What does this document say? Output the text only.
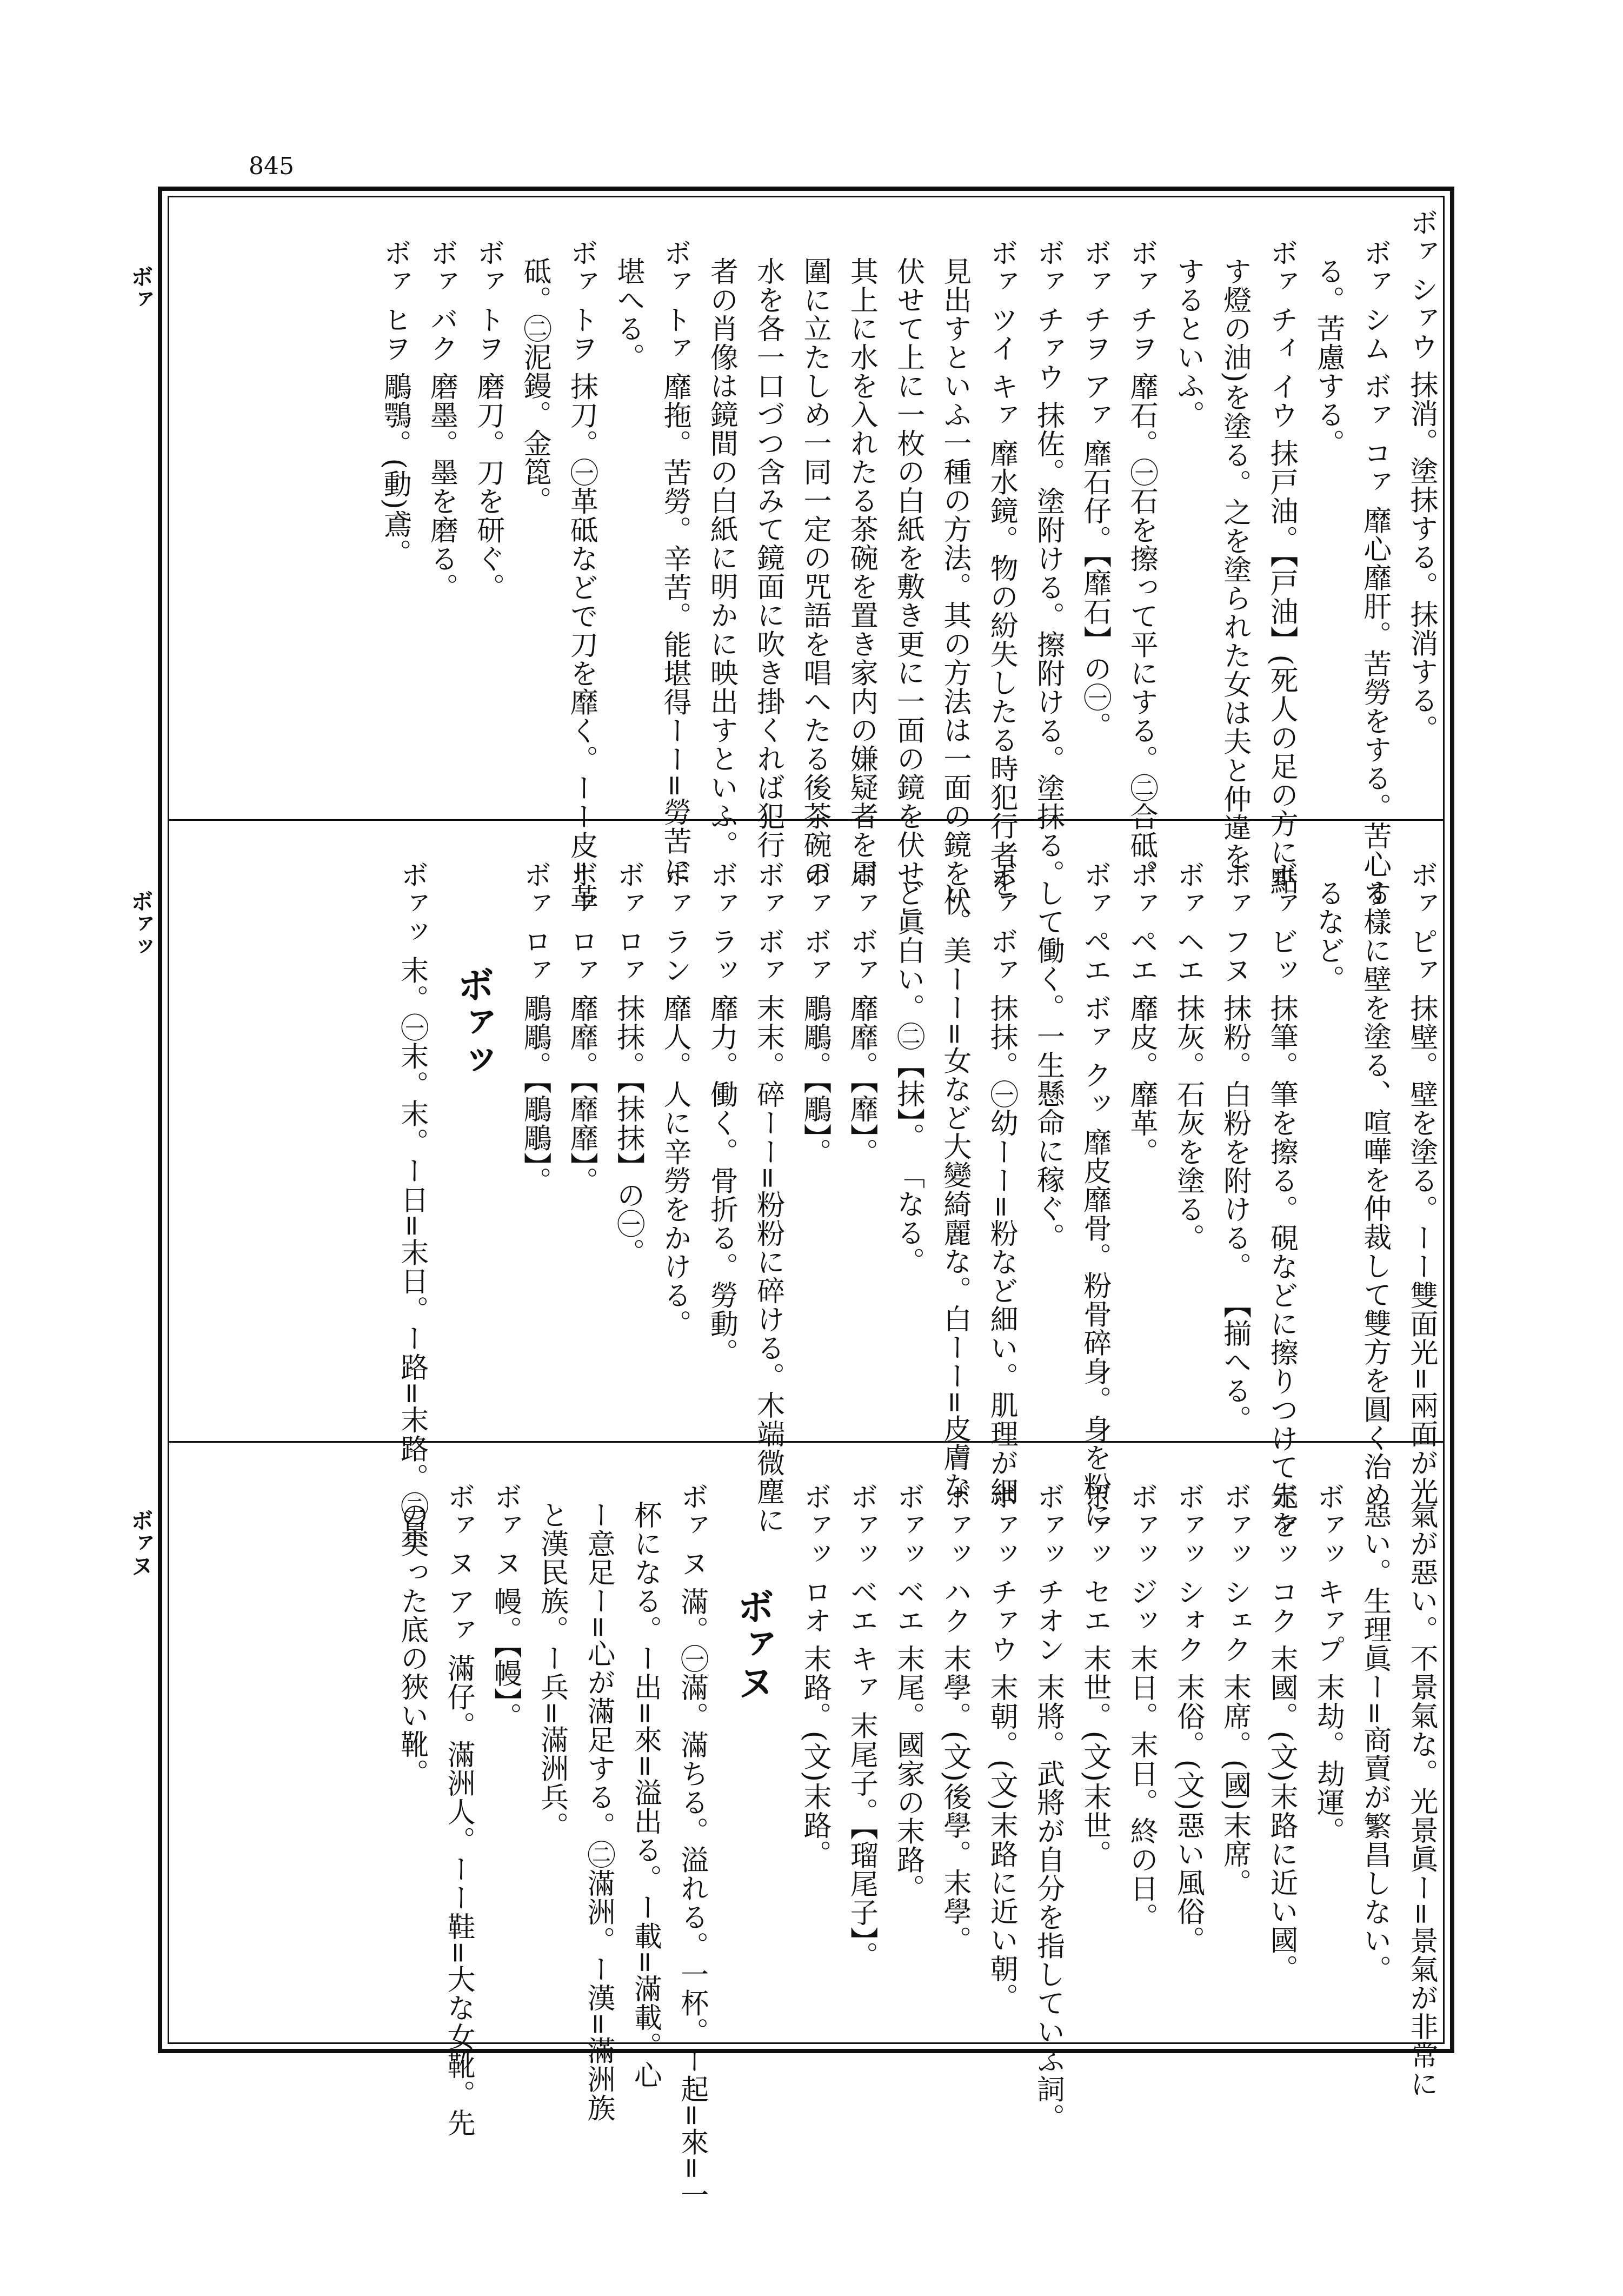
845
ボァ
ボァッ
ボァヌ
ボァ シァウ 抹消。塗抹する。抹消する。
ボァ シム ボァ コァ 靡心靡肝。苦勞をする。苦心す
る。苦慮する。
ボァ チィ イウ 抹戸油。【戸油】(死人の足の方に點
す燈の油)を塗る。之を塗られた女は夫と仲違を
するといふ。
ボァ チヲ 靡石。㊀石を擦って平にする。㊁合砥。
ボァ チヲ アァ 靡石仔。【靡石】の㊀。
ボァ チァウ 抹佐。塗附ける。擦附ける。塗抹る。
ボァ ツイ キァ 靡水鏡。物の紛失したる時犯行者を
見出すといふ一種の方法。其の方法は一面の鏡を伏
伏せて上に一枚の白紙を敷き更に一面の鏡を伏せ
其上に水を入れたる茶碗を置き家内の嫌疑者を周
圍に立たしめ一同一定の咒語を唱へたる後茶碗の
水を各一口づつ含みて鏡面に吹き掛くれば犯行
者の肖像は鏡間の白紙に明かに映出すといふ。
ボァ トァ 靡拖。苦勞。辛苦。能堪得ーー=勞苦に
堪へる。
ボァ トヲ 抹刀。㊀革砥などで刀を靡く。ーー皮=革
砥。㊁泥鏝。金箆。
ボァ トヲ 磨刀。刀を研ぐ。
ボァ バク 磨墨。墨を磨る。
ボァ ヒヲ 鵰鶚。(動)鳶。
ボァ ピァ 抹壁。壁を塗る。ーー雙面光=兩面が光
る樣に壁を塗る、喧嘩を仲裁して雙方を圓く治め
るなど。
ボァ ビッ 抹筆。筆を擦る。硯などに擦りつけて先を
ボァ フヌ 抹粉。白粉を附ける。 【揃へる。
ボァ ヘエ 抹灰。石灰を塗る。
ボァ ペエ 靡皮。靡革。
ボァ ペエ ボァ クッ 靡皮靡骨。粉骨碎身。身を粉に
して働く。一生懸命に稼ぐ。
ボァ ボァ 抹抹。㊀幼ーー=粉など細い。肌理が細
い。美ーー=女など大變綺麗な。白ーー=皮膚な
ど眞白い。㊁【抹】。 「なる。
ボァ ボァ 靡靡。【靡】。
ボァ ボァ 鵰鵰。【鵰】。
ボァ ボァ 末末。碎ーー=粉粉に碎ける。木端微塵に
ボァ ラッ 靡力。働く。骨折る。勞動。
ボァ ラン 靡人。人に辛勞をかける。
ボァ ロァ 抹抹。【抹抹】の㊀。
ボァ ロァ 靡靡。【靡靡】。
ボァ ロァ 鵰鵰。【鵰鵰】。
ボァッ
ボァッ 末。㊀末。末。ー日=末日。ー路=末路。㊁景
氣が惡い。不景氣な。光景眞ー=景氣が非常に
惡い。生理眞ー=商賣が繁昌しない。
ボァッ キァプ 末劫。劫運。
ボァッ コク 末國。(文)末路に近い國。
ボァッ シェク 末席。(國)末席。
ボァッ シォク 末俗。(文)惡い風俗。
ボァッ ジッ 末日。末日。終の日。
ボァッ セエ 末世。(文)末世。
ボァッ チオン 末將。武將が自分を指していふ詞。
ボァッ チァウ 末朝。(文)末路に近い朝。
ボァッ ハク 末學。(文)後學。末學。
ボァッ ベエ 末尾。國家の末路。
ボァッ ベエ キァ 末尾子。【瑠尾子】。
ボァッ ロオ 末路。(文)末路。
ボァヌ
ボァ ヌ 滿。㊀滿。滿ちる。溢れる。一杯。ー起=來=一
杯になる。ー出=來=溢出る。ー載=滿載。心
ー意足ー=心が滿足する。㊁滿洲。ー漢=滿洲族
と漢民族。ー兵=滿洲兵。
ボァ ヌ 幔。【幔】。
ボァ ヌ アァ 滿仔。滿洲人。ーー鞋=大な女靴。先
の尖った底の狹い靴。
